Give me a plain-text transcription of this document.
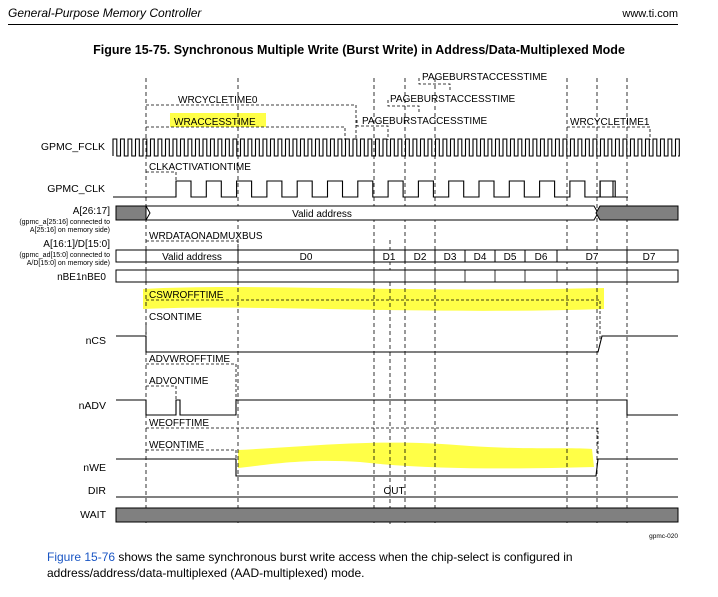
General-Purpose Memory Controller	www.ti.com
Figure 15-75. Synchronous Multiple Write (Burst Write) in Address/Data-Multiplexed Mode
Valid address
Valid address	D0	D1 D2 D3 D4 D5 D6	D7	D7
OUT
GPMC_FCLK
GPMC_CLK
A[26:17]
(gpmc_a[25:16] connected to
A[25:16] on memory side)
A[16:1]/D[15:0]
(gpmc_ad[15:0] connected to
A/D[15:0] on memory side)
nBE1nBE0
nCS
nADV
nWE
DIR
WAIT
WRCYCLETIME0
WRACCESSTIME
PAGEBURSTACCESSTIME
PAGEBURSTACCESSTIME
PAGEBURSTACCESSTIME	WRCYCLETIME1
CLKACTIVATIONTIME
WRDATAONADMUXBUS
CSWROFFTIME
CSONTIME
ADVWROFFTIME
ADVONTIME
WEOFFTIME
WEONTIME
gpmc-020
Figure 15-76 shows the same synchronous burst write access when the chip-select is configured in address/address/data-multiplexed (AAD-multiplexed) mode.
